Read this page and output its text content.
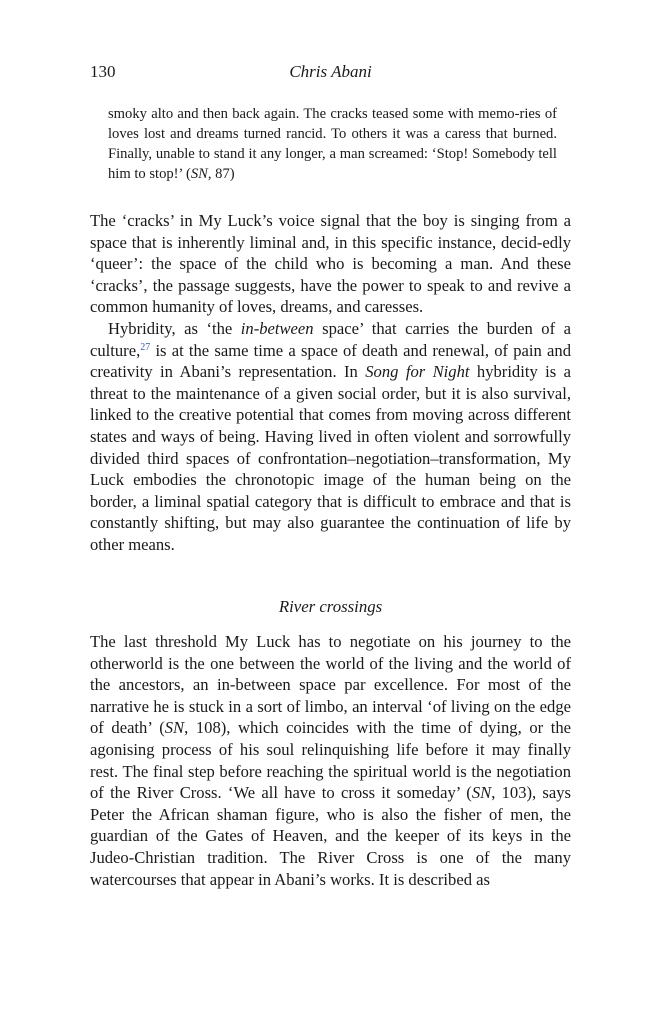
130	Chris Abani

smoky alto and then back again. The cracks teased some with memo-ries of loves lost and dreams turned rancid. To others it was a caress that burned. Finally, unable to stand it any longer, a man screamed: ‘Stop! Somebody tell him to stop!’ (SN, 87)

The ‘cracks’ in My Luck’s voice signal that the boy is singing from a space that is inherently liminal and, in this specific instance, decid-edly ‘queer’: the space of the child who is becoming a man. And these ‘cracks’, the passage suggests, have the power to speak to and revive a common humanity of loves, dreams, and caresses.

Hybridity, as ‘the in-between space’ that carries the burden of a culture,$^{27}$ is at the same time a space of death and renewal, of pain and creativity in Abani’s representation. In Song for Night hybridity is a threat to the maintenance of a given social order, but it is also survival, linked to the creative potential that comes from moving across different states and ways of being. Having lived in often violent and sorrowfully divided third spaces of confrontation–negotiation–transformation, My Luck embodies the chronotopic image of the human being on the border, a liminal spatial category that is difficult to embrace and that is constantly shifting, but may also guarantee the continuation of life by other means.

River crossings

The last threshold My Luck has to negotiate on his journey to the otherworld is the one between the world of the living and the world of the ancestors, an in-between space par excellence. For most of the narrative he is stuck in a sort of limbo, an interval ‘of living on the edge of death’ (SN, 108), which coincides with the time of dying, or the agonising process of his soul relinquishing life before it may finally rest. The final step before reaching the spiritual world is the negotiation of the River Cross. ‘We all have to cross it someday’ (SN, 103), says Peter the African shaman figure, who is also the fisher of men, the guardian of the Gates of Heaven, and the keeper of its keys in the Judeo-Christian tradition. The River Cross is one of the many watercourses that appear in Abani’s works. It is described as
